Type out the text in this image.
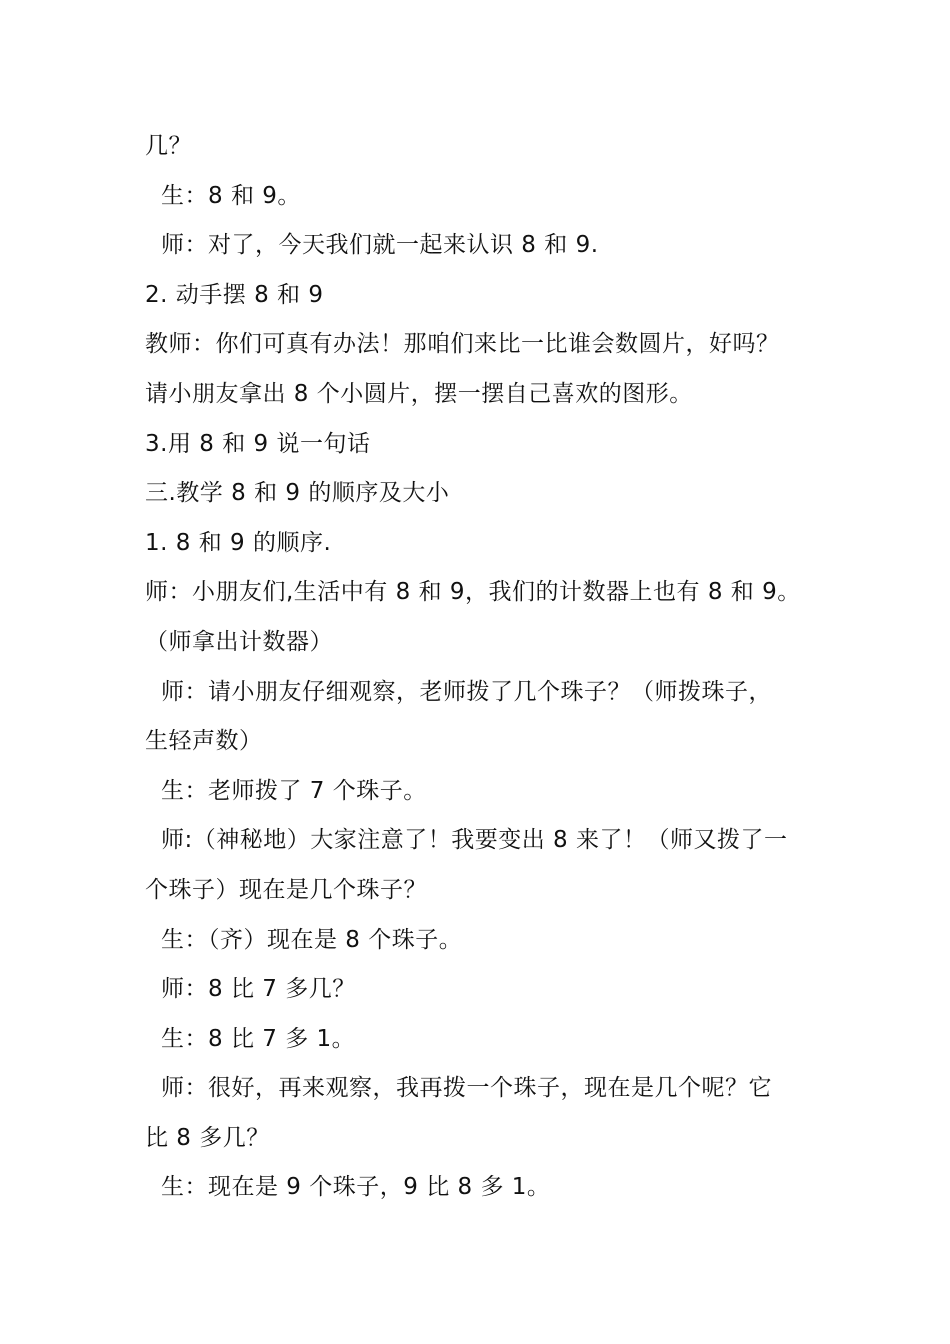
几？
生：8 和 9。
师：对了，今天我们就一起来认识 8 和 9.
2. 动手摆 8 和 9
教师：你们可真有办法！那咱们来比一比谁会数圆片，好吗？
请小朋友拿出 8 个小圆片，摆一摆自己喜欢的图形。
3.用 8 和 9 说一句话
三.教学 8 和 9 的顺序及大小
1. 8 和 9 的顺序.
师：小朋友们,生活中有 8 和 9，我们的计数器上也有 8 和 9。
（师拿出计数器）
师：请小朋友仔细观察，老师拨了几个珠子？（师拨珠子，
生轻声数）
生：老师拨了 7 个珠子。
师:（神秘地）大家注意了！我要变出 8 来了！（师又拨了一
个珠子）现在是几个珠子？
生：（齐）现在是 8 个珠子。
师：8 比 7 多几？
生：8 比 7 多 1。
师：很好，再来观察，我再拨一个珠子，现在是几个呢？它
比 8 多几？
生：现在是 9 个珠子，9 比 8 多 1。
